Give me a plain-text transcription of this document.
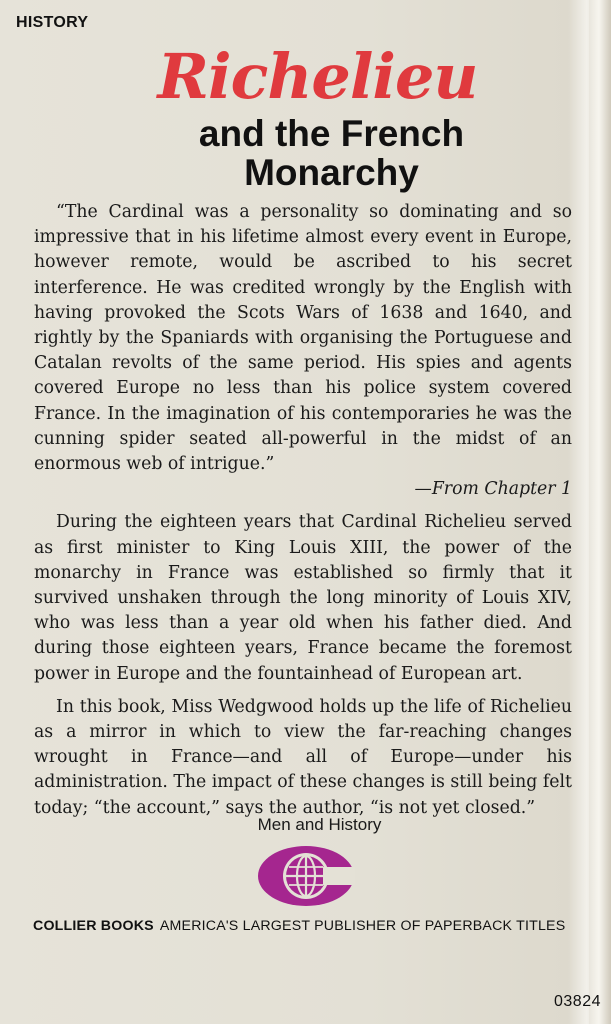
HISTORY
Richelieu
and the French
Monarchy

“The Cardinal was a personality so dominating and so impressive that in his lifetime almost every event in Europe, however remote, would be ascribed to his secret interference. He was credited wrongly by the English with having provoked the Scots Wars of 1638 and 1640, and rightly by the Spaniards with organising the Portuguese and Catalan revolts of the same period. His spies and agents covered Europe no less than his police system covered France. In the imagination of his contemporaries he was the cunning spider seated all-powerful in the midst of an enormous web of intrigue.”

—From Chapter 1

During the eighteen years that Cardinal Richelieu served as first minister to King Louis XIII, the power of the monarchy in France was established so firmly that it survived unshaken through the long minority of Louis XIV, who was less than a year old when his father died. And during those eighteen years, France became the foremost power in Europe and the fountainhead of European art.

In this book, Miss Wedgwood holds up the life of Richelieu as a mirror in which to view the far-reaching changes wrought in France—and all of Europe—under his administration. The impact of these changes is still being felt today; “the account,” says the author, “is not yet closed.”

Men and History
COLLIER BOOKS AMERICA'S LARGEST PUBLISHER OF PAPERBACK TITLES
03824
